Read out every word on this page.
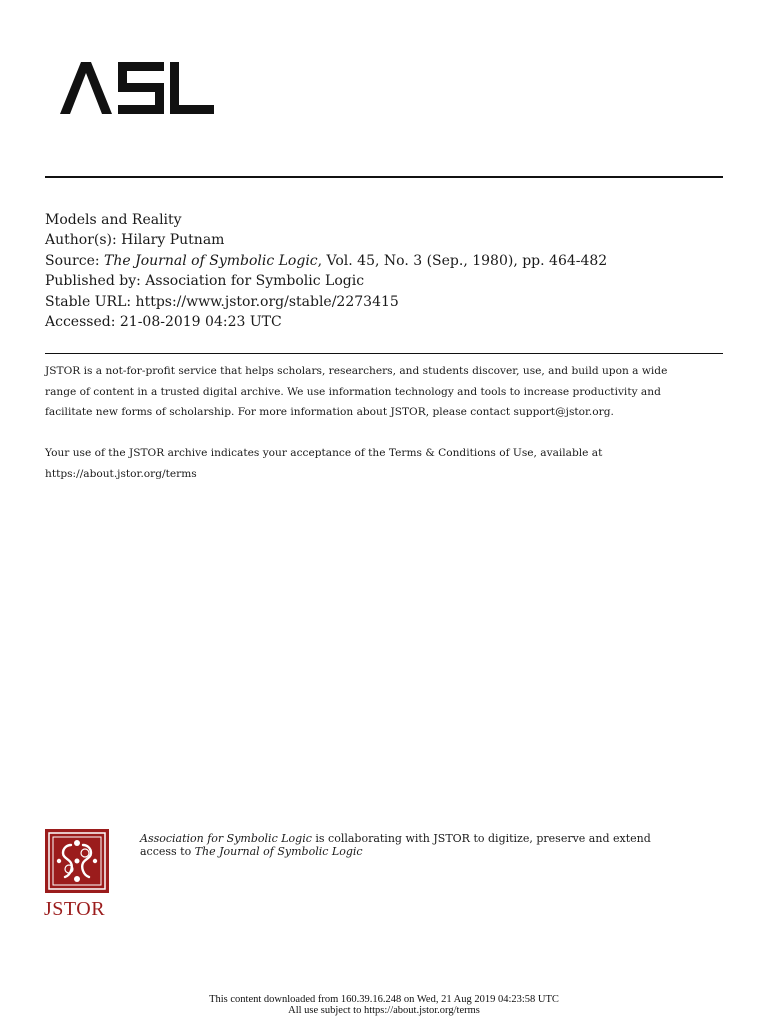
Models and Reality
Author(s): Hilary Putnam
Source: The Journal of Symbolic Logic, Vol. 45, No. 3 (Sep., 1980), pp. 464-482
Published by: Association for Symbolic Logic
Stable URL: https://www.jstor.org/stable/2273415
Accessed: 21-08-2019 04:23 UTC
JSTOR is a not-for-profit service that helps scholars, researchers, and students discover, use, and build upon a wide
range of content in a trusted digital archive. We use information technology and tools to increase productivity and
facilitate new forms of scholarship. For more information about JSTOR, please contact support@jstor.org.
Your use of the JSTOR archive indicates your acceptance of the Terms & Conditions of Use, available at
https://about.jstor.org/terms
JSTOR
Association for Symbolic Logic is collaborating with JSTOR to digitize, preserve and extend
access to The Journal of Symbolic Logic
This content downloaded from 160.39.16.248 on Wed, 21 Aug 2019 04:23:58 UTC
All use subject to https://about.jstor.org/terms
